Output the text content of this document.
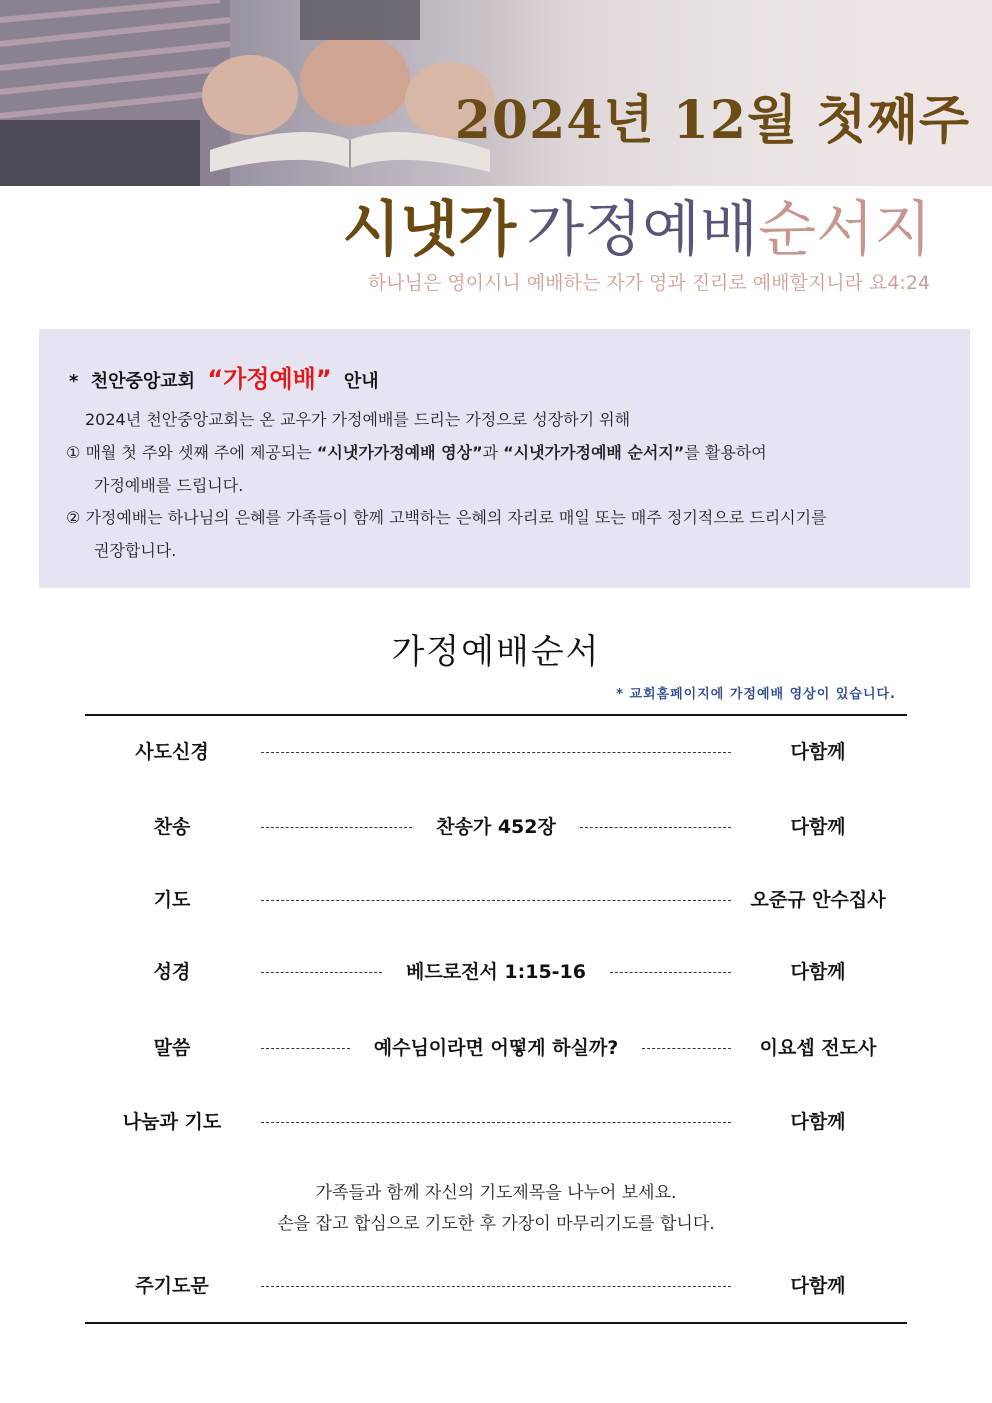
2024년 12월 첫째주
시냇가 가정예배순서지
하나님은 영이시니 예배하는 자가 영과 진리로 예배할지니라 요4:24
* 천안중앙교회 “가정예배” 안내
2024년 천안중앙교회는 온 교우가 가정예배를 드리는 가정으로 성장하기 위해
① 매월 첫 주와 셋째 주에 제공되는 “시냇가가정예배 영상”과 “시냇가가정예배 순서지”를 활용하여
가정예배를 드립니다.
② 가정예배는 하나님의 은혜를 가족들이 함께 고백하는 은혜의 자리로 매일 또는 매주 정기적으로 드리시기를
권장합니다.
가정예배순서
* 교회홈페이지에 가정예배 영상이 있습니다.
사도신경	다함께
찬송	찬송가 452장	다함께
기도	오준규 안수집사
성경	베드로전서 1:15-16	다함께
말씀	예수님이라면 어떻게 하실까?	이요셉 전도사
나눔과 기도	다함께
가족들과 함께 자신의 기도제목을 나누어 보세요.
손을 잡고 합심으로 기도한 후 가장이 마무리기도를 합니다.
주기도문	다함께
